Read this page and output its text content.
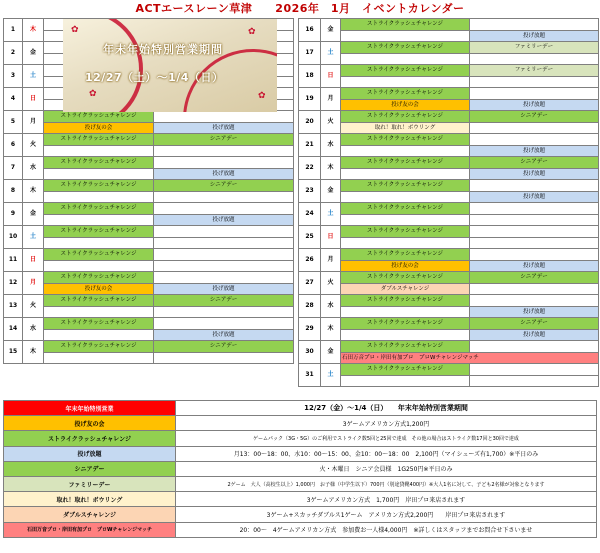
ACTエースレーン草津　　2026年　1月　イベントカレンダー
1	木		

2	金		

3	土		

4	日		

5	月	ストライクラッシュチャレンジ	
		投げ友の会	投げ放題
6	火	ストライクラッシュチャレンジ	シニアデー

7	水	ストライクラッシュチャレンジ	
			投げ放題
8	木	ストライクラッシュチャレンジ	シニアデー

9	金	ストライクラッシュチャレンジ	
			投げ放題
10	土	ストライクラッシュチャレンジ	

11	日	ストライクラッシュチャレンジ	

12	月	ストライクラッシュチャレンジ	
		投げ友の会	投げ放題
13	火	ストライクラッシュチャレンジ	シニアデー

14	水	ストライクラッシュチャレンジ	
			投げ放題
15	木	ストライクラッシュチャレンジ	シニアデー

16	金	ストライクラッシュチャレンジ	
			投げ放題
17	土	ストライクラッシュチャレンジ	ファミリーデー

18	日	ストライクラッシュチャレンジ	ファミリーデー

19	月	ストライクラッシュチャレンジ	
		投げ友の会	投げ放題
20	火	ストライクラッシュチャレンジ	シニアデー
		取れ！取れ！ボウリング	
21	水	ストライクラッシュチャレンジ	
			投げ放題
22	木	ストライクラッシュチャレンジ	シニアデー
			投げ放題
23	金	ストライクラッシュチャレンジ	
			投げ放題
24	土	ストライクラッシュチャレンジ	

25	日	ストライクラッシュチャレンジ	

26	月	ストライクラッシュチャレンジ	
		投げ友の会	投げ放題
27	火	ストライクラッシュチャレンジ	シニアデー
		ダブルスチャレンジ	
28	水	ストライクラッシュチャレンジ	
			投げ放題
29	木	ストライクラッシュチャレンジ	シニアデー
			投げ放題
30	金	ストライクラッシュチャレンジ	
		石田万音プロ・岸田有加プロ　プロWチャレンジマッチ	
31	土	ストライクラッシュチャレンジ	

✿
✿
✿
✿
年末年始特別営業期間
12/27（土）～1/4（日）
年末年始特別営業	12/27（金）～1/4（日）　　年末年始特別営業期間
投げ友の会	3ゲームアメリカン方式1,200円
ストライクラッシュチャレンジ	ゲームパック（3G・5G）のご利用でストライク数5回と25回で達成　その他の場合はストライク数17回と30回で達成
投げ放題	月13：00～18：00、水10：00～15：00、金10：00～18：00　2,100円（マイシューズ有1,700）※平日のみ
シニアデー	火・木曜日　シニア会員様　1G250円※平日のみ
ファミリーデー	2ゲーム　大人（高校生以上）1,000円　お子様（中学生以下）700円（別途貸靴400円）※大人1名に対して、子ども2名様が対象となります
取れ！取れ！ボウリング	3ゲームアメリカン方式　1,700円　岸田プロ来店されます
ダブルスチャレンジ	3ゲーム+スカッチダブルス1ゲーム　アメリカン方式2,200円　　岸田プロ来店されます
石田万音プロ・岸田有加プロ　プロWチャレンジマッチ	20：00～　4ゲームアメリカン方式　参加費お一人様4,000円　※詳しくはスタッフまでお問合せ下さいませ
